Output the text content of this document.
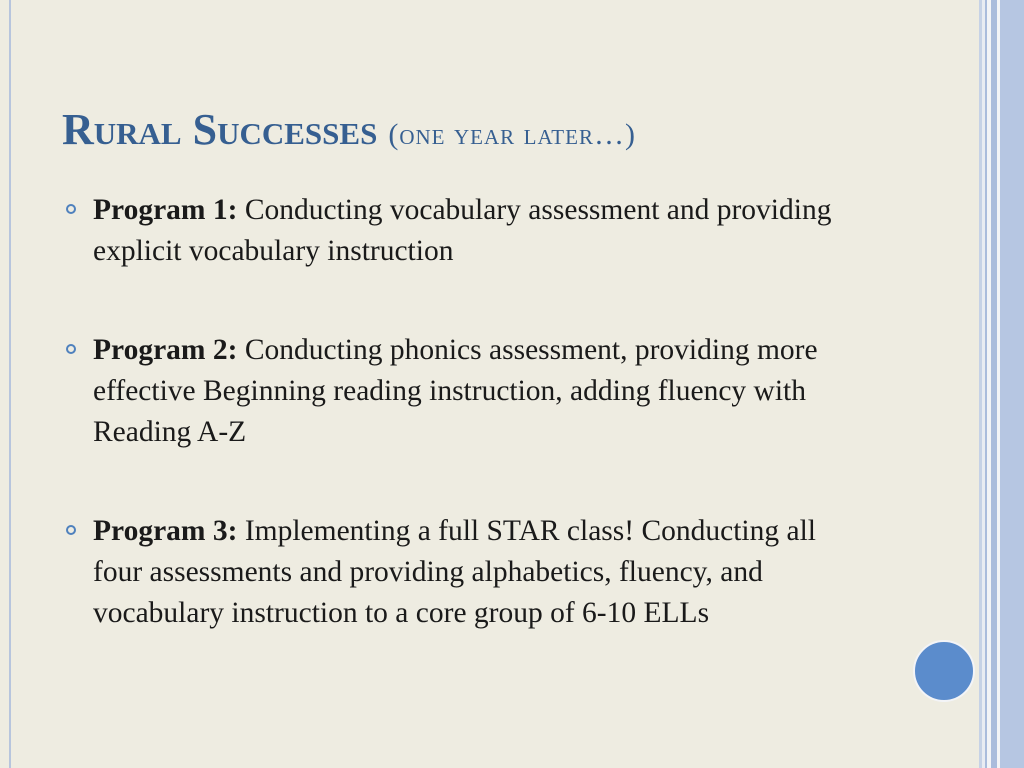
Rural Successes (one year later…)
Program 1: Conducting vocabulary assessment and providing explicit vocabulary instruction
Program 2: Conducting phonics assessment, providing more effective Beginning reading instruction, adding fluency with Reading A-Z
Program 3: Implementing a full STAR class! Conducting all four assessments and providing alphabetics, fluency, and vocabulary instruction to a core group of 6-10 ELLs
